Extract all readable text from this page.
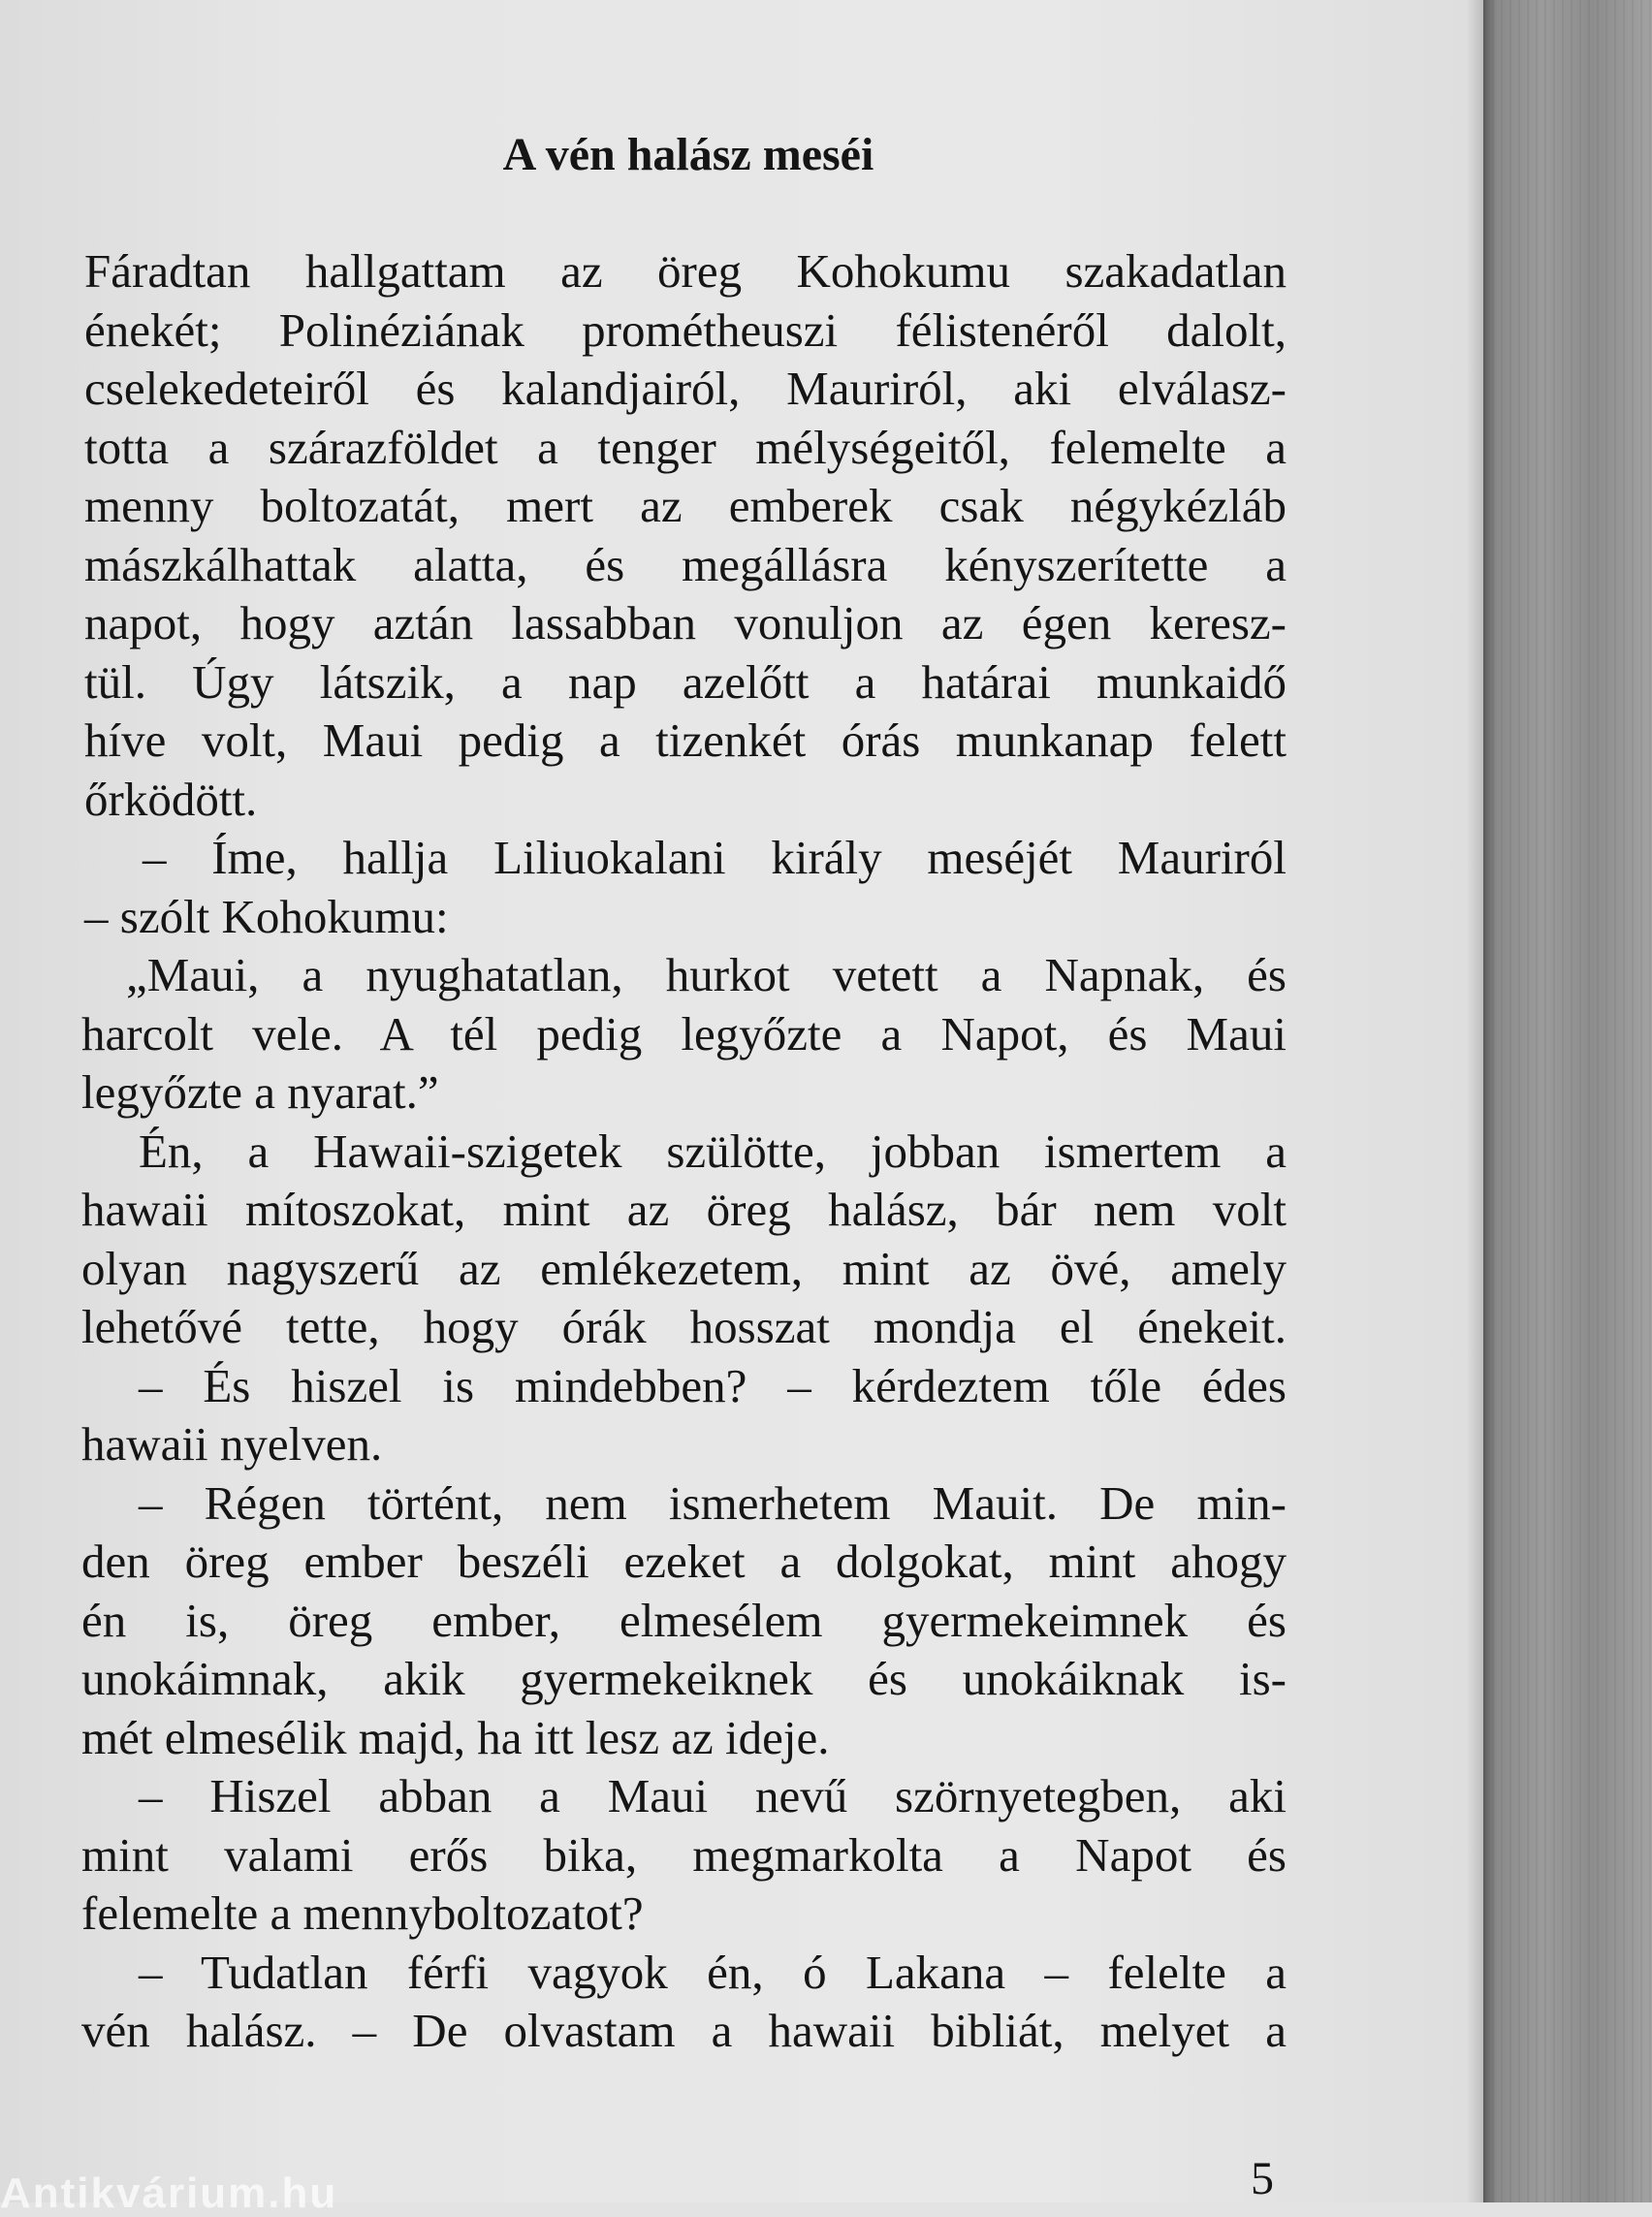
A vén halász meséi
Fáradtan hallgattam az öreg Kohokumu szakadatlan
énekét; Polinéziának prométheuszi félistenéről dalolt,
cselekedeteiről és kalandjairól, Mauriról, aki elválasz-
totta a szárazföldet a tenger mélységeitől, felemelte a
menny boltozatát, mert az emberek csak négykézláb
mászkálhattak alatta, és megállásra kényszerítette a
napot, hogy aztán lassabban vonuljon az égen keresz-
tül. Úgy látszik, a nap azelőtt a határai munkaidő
híve volt, Maui pedig a tizenkét órás munkanap felett
őrködött.
– Íme, hallja Liliuokalani király meséjét Mauriról
– szólt Kohokumu:
„Maui, a nyughatatlan, hurkot vetett a Napnak, és
harcolt vele. A tél pedig legyőzte a Napot, és Maui
legyőzte a nyarat.”
Én, a Hawaii-szigetek szülötte, jobban ismertem a
hawaii mítoszokat, mint az öreg halász, bár nem volt
olyan nagyszerű az emlékezetem, mint az övé, amely
lehetővé tette, hogy órák hosszat mondja el énekeit.
– És hiszel is mindebben? – kérdeztem tőle édes
hawaii nyelven.
– Régen történt, nem ismerhetem Mauit. De min-
den öreg ember beszéli ezeket a dolgokat, mint ahogy
én is, öreg ember, elmesélem gyermekeimnek és
unokáimnak, akik gyermekeiknek és unokáiknak is-
mét elmesélik majd, ha itt lesz az ideje.
– Hiszel abban a Maui nevű szörnyetegben, aki
mint valami erős bika, megmarkolta a Napot és
felemelte a mennyboltozatot?
– Tudatlan férfi vagyok én, ó Lakana – felelte a
vén halász. – De olvastam a hawaii bibliát, melyet a
5
Antikvárium.hu
